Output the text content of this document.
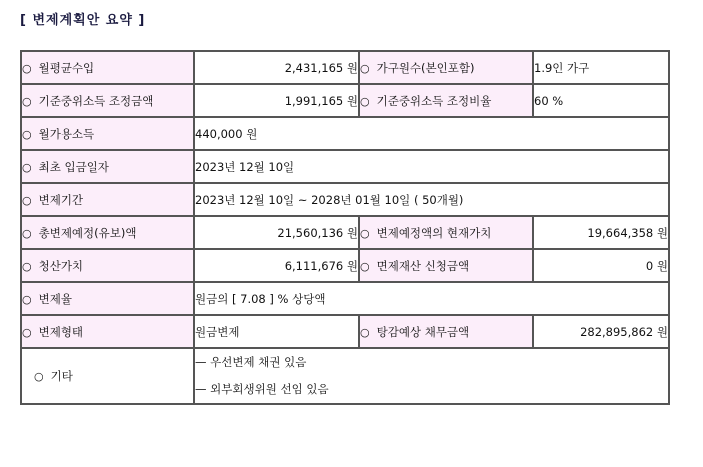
[ 변제계획안 요약 ]
○ 월평균수입	2,431,165 원	○ 가구원수(본인포함)	1.9인 가구
○ 기준중위소득 조정금액	1,991,165 원	○ 기준중위소득 조정비율	60 %
○ 월가용소득	440,000 원		
○ 최초 입금일자	2023년 12월 10일		
○ 변제기간	2023년 12월 10일 ~ 2028년 01월 10일 ( 50개월)		
○ 총변제예정(유보)액	21,560,136 원	○ 변제예정액의 현재가치	19,664,358 원
○ 청산가치	6,111,676 원	○ 면제재산 신청금액	0 원
○ 변제율	원금의 [ 7.08 ] % 상당액		
○ 변제형태	원금변제	○ 탕감예상 채무금액	282,895,862 원
○ 기타	— 우선변제 채권 있음
— 외부회생위원 선임 있음		
